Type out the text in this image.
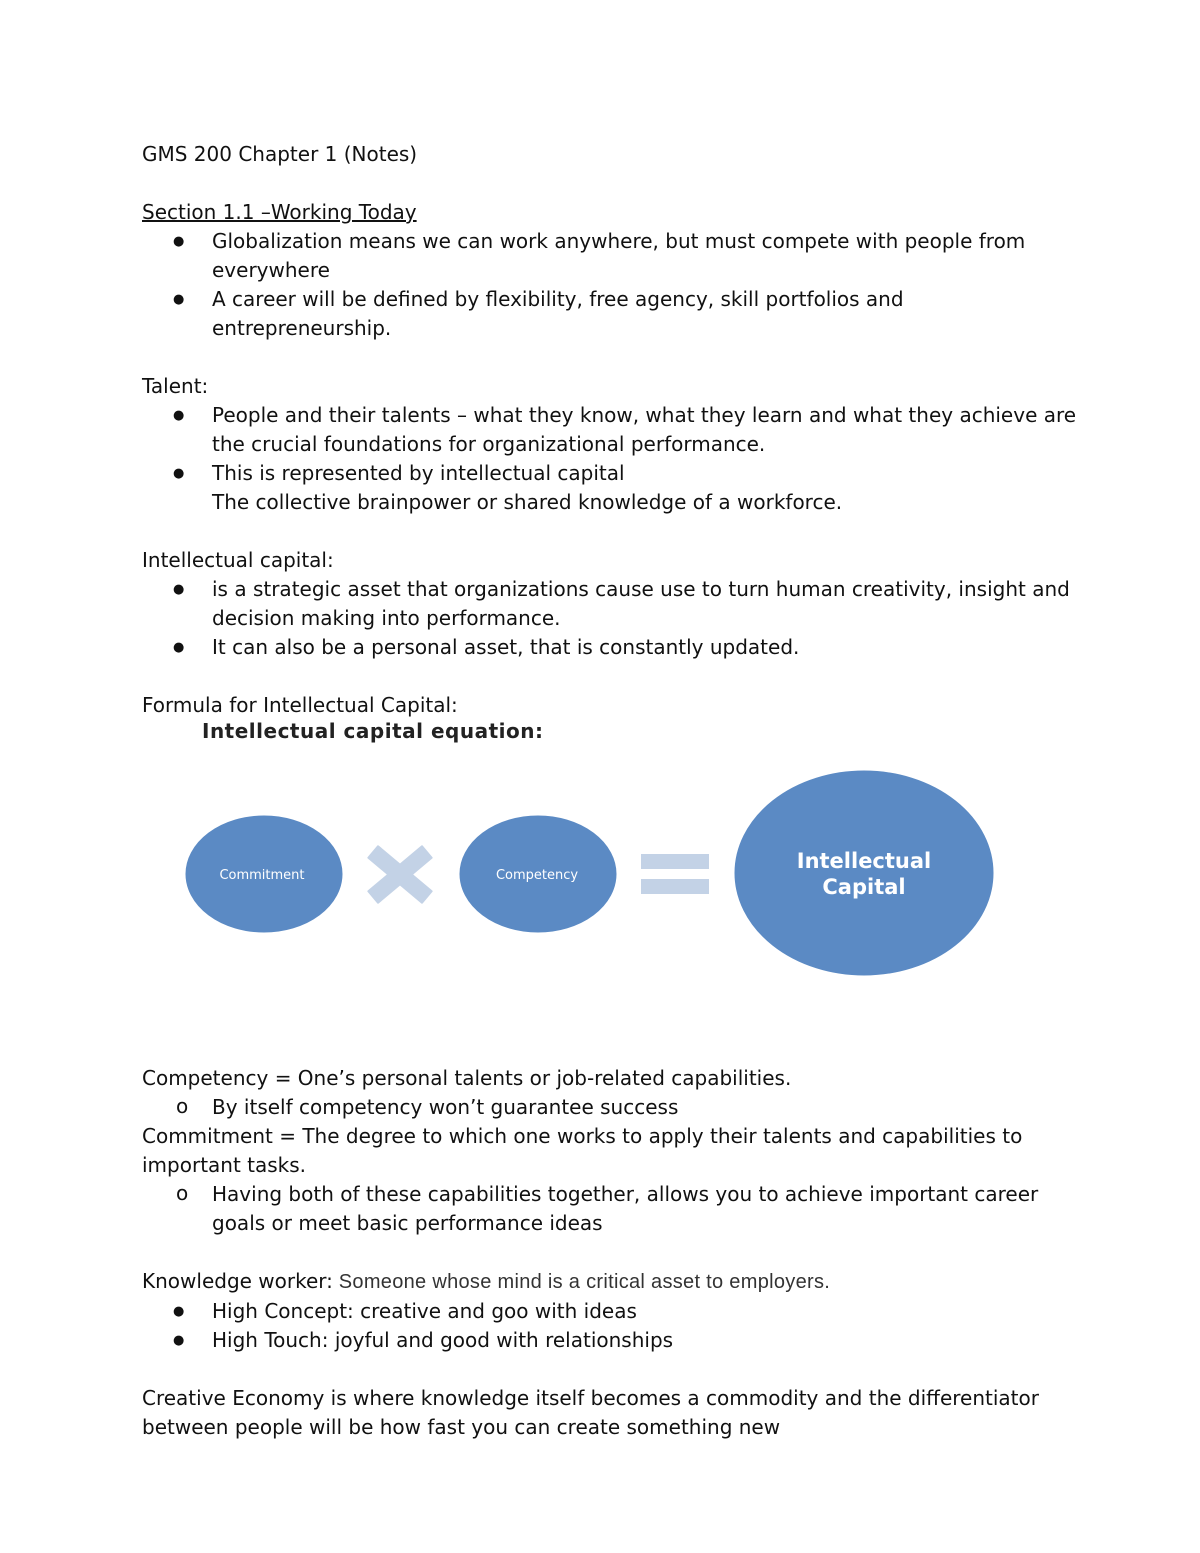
GMS 200 Chapter 1 (Notes)

Section 1.1 –Working Today

● Globalization means we can work anywhere, but must compete with people from everywhere
● A career will be defined by flexibility, free agency, skill portfolios and entrepreneurship.

Talent:

● People and their talents – what they know, what they learn and what they achieve are the crucial foundations for organizational performance.
● This is represented by intellectual capital

The collective brainpower or shared knowledge of a workforce.

Intellectual capital:

● is a strategic asset that organizations cause use to turn human creativity, insight and decision making into performance.
● It can also be a personal asset, that is constantly updated.

Formula for Intellectual Capital:

Competency = One’s personal talents or job-related capabilities.

o By itself competency won’t guarantee success

Commitment = The degree to which one works to apply their talents and capabilities to important tasks.

o Having both of these capabilities together, allows you to achieve important career goals or meet basic performance ideas

Knowledge worker: Someone whose mind is a critical asset to employers.

● High Concept: creative and goo with ideas
● High Touch: joyful and good with relationships

Creative Economy is where knowledge itself becomes a commodity and the differentiator between people will be how fast you can create something new

Intellectual capital equation:
Commitment	Competency
Intellectual
Capital
